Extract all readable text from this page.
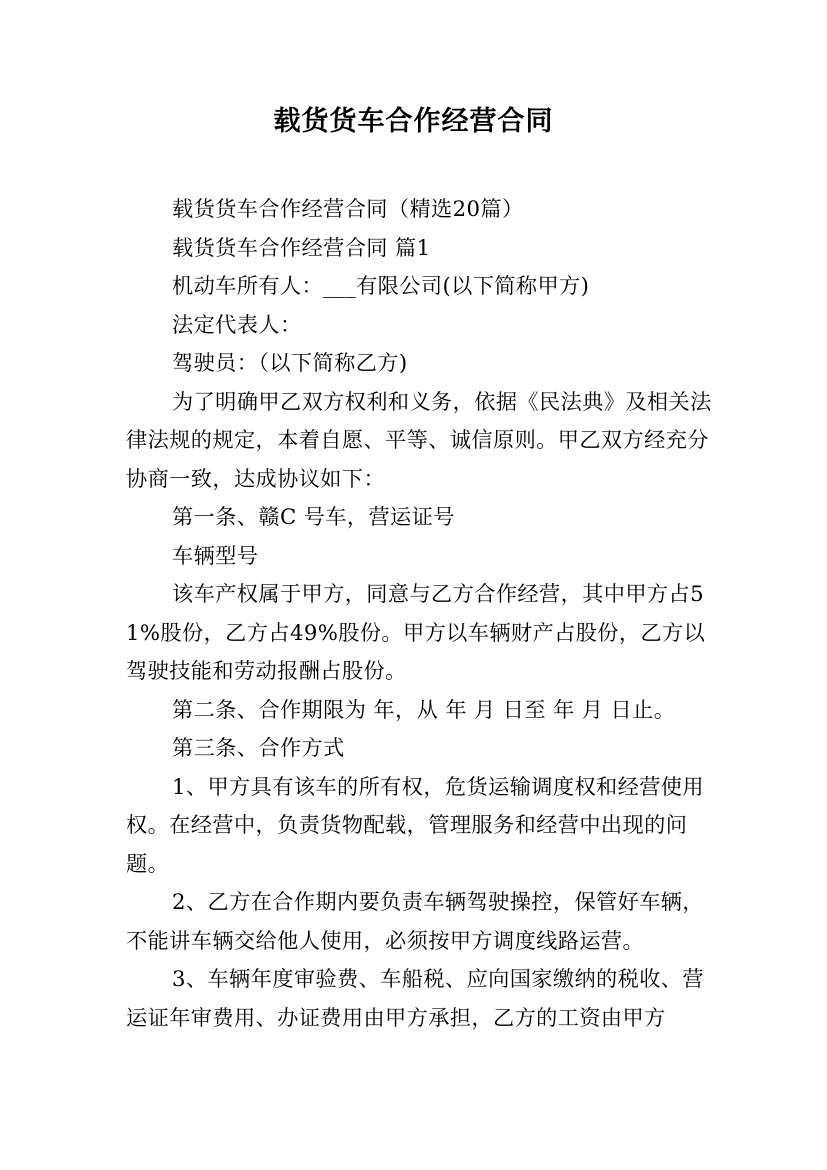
载货货车合作经营合同

载货货车合作经营合同（精选20篇）

载货货车合作经营合同 篇1

机动车所有人：___有限公司(以下简称甲方)

法定代表人：

驾驶员：（以下简称乙方)

为了明确甲乙双方权利和义务，依据《民法典》及相关法律法规的规定，本着自愿、平等、诚信原则。甲乙双方经充分协商一致，达成协议如下：

第一条、赣C 号车，营运证号

车辆型号

该车产权属于甲方，同意与乙方合作经营，其中甲方占51%股份，乙方占49%股份。甲方以车辆财产占股份，乙方以驾驶技能和劳动报酬占股份。

第二条、合作期限为 年，从 年 月 日至 年 月 日止。

第三条、合作方式

1、甲方具有该车的所有权，危货运输调度权和经营使用权。在经营中，负责货物配载，管理服务和经营中出现的问题。

2、乙方在合作期内要负责车辆驾驶操控，保管好车辆，不能讲车辆交给他人使用，必须按甲方调度线路运营。

3、车辆年度审验费、车船税、应向国家缴纳的税收、营运证年审费用、办证费用由甲方承担，乙方的工资由甲方
